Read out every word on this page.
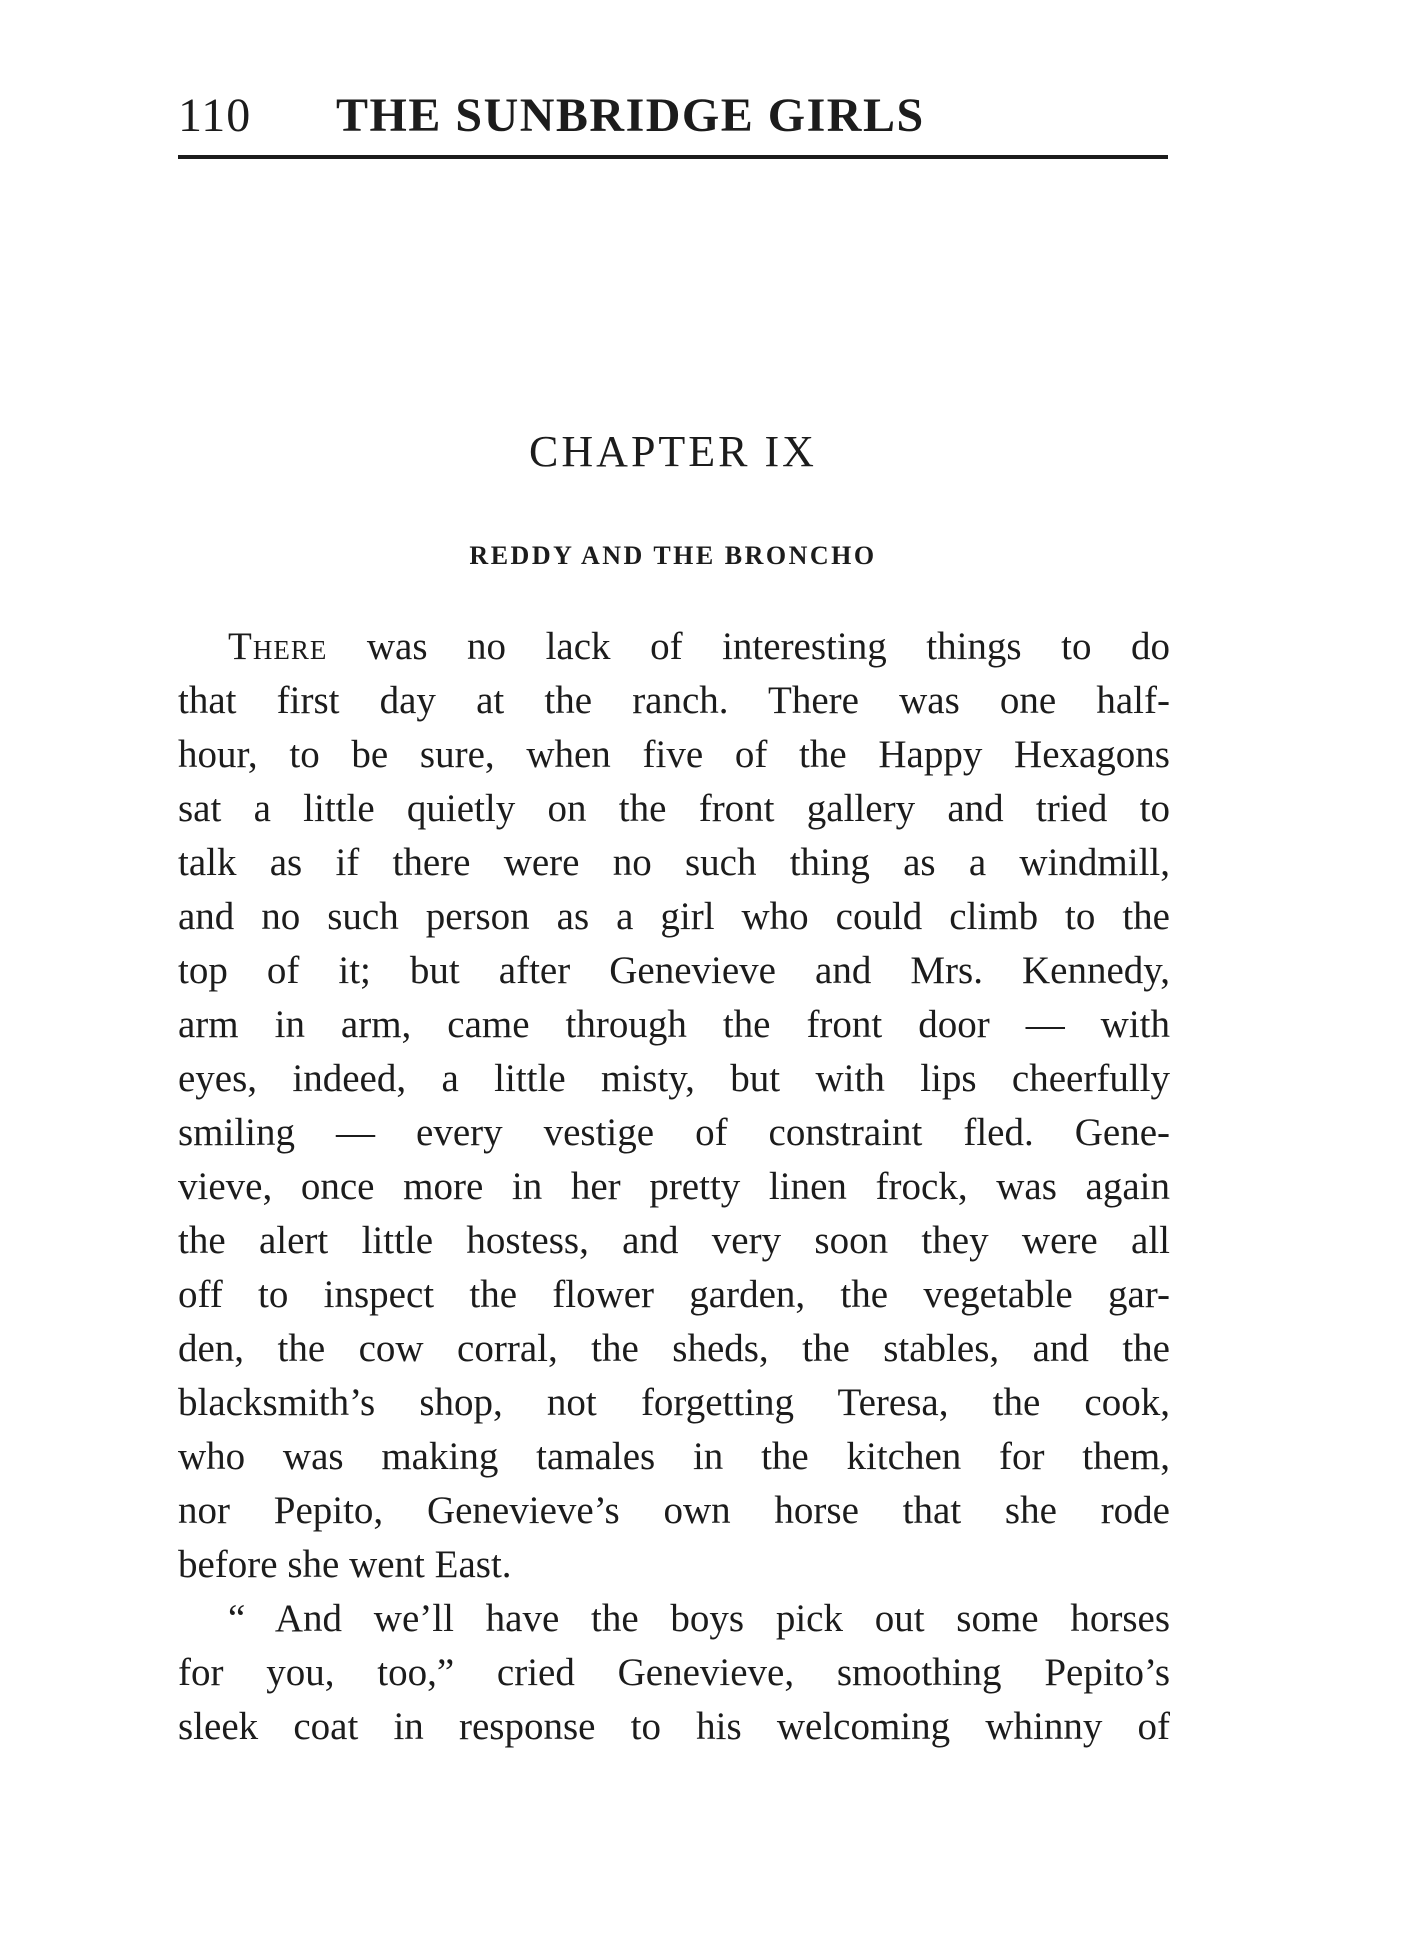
110 THE SUNBRIDGE GIRLS
CHAPTER IX
REDDY AND THE BRONCHO
There was no lack of interesting things to do
that first day at the ranch. There was one half-
hour, to be sure, when five of the Happy Hexagons
sat a little quietly on the front gallery and tried to
talk as if there were no such thing as a windmill,
and no such person as a girl who could climb to the
top of it; but after Genevieve and Mrs. Kennedy,
arm in arm, came through the front door — with
eyes, indeed, a little misty, but with lips cheerfully
smiling — every vestige of constraint fled. Gene-
vieve, once more in her pretty linen frock, was again
the alert little hostess, and very soon they were all
off to inspect the flower garden, the vegetable gar-
den, the cow corral, the sheds, the stables, and the
blacksmith’s shop, not forgetting Teresa, the cook,
who was making tamales in the kitchen for them,
nor Pepito, Genevieve’s own horse that she rode
before she went East.
“ And we’ll have the boys pick out some horses
for you, too,” cried Genevieve, smoothing Pepito’s
sleek coat in response to his welcoming whinny of
